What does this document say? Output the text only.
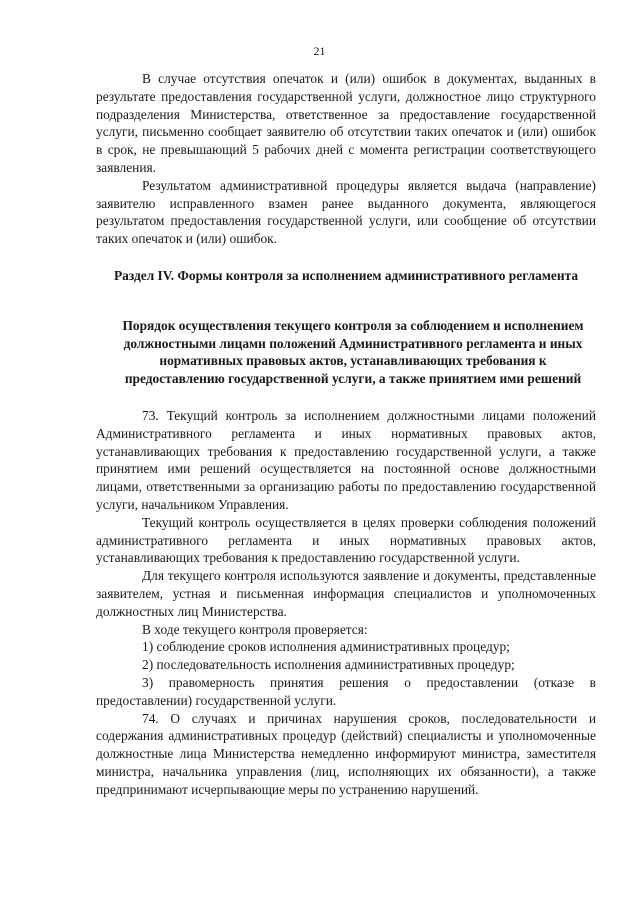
21

В случае отсутствия опечаток и (или) ошибок в документах, выданных в результате предоставления государственной услуги, должностное лицо структурного подразделения Министерства, ответственное за предоставление государственной услуги, письменно сообщает заявителю об отсутствии таких опечаток и (или) ошибок в срок, не превышающий 5 рабочих дней с момента регистрации соответствующего заявления.

Результатом административной процедуры является выдача (направление) заявителю исправленного взамен ранее выданного документа, являющегося результатом предоставления государственной услуги, или сообщение об отсутствии таких опечаток и (или) ошибок.

Раздел IV. Формы контроля за исполнением административного регламента
Порядок осуществления текущего контроля за соблюдением и исполнением должностными лицами положений Административного регламента и иных нормативных правовых актов, устанавливающих требования к предоставлению государственной услуги, а также принятием ими решений

73. Текущий контроль за исполнением должностными лицами положений Административного регламента и иных нормативных правовых актов, устанавливающих требования к предоставлению государственной услуги, а также принятием ими решений осуществляется на постоянной основе должностными лицами, ответственными за организацию работы по предоставлению государственной услуги, начальником Управления.

Текущий контроль осуществляется в целях проверки соблюдения положений административного регламента и иных нормативных правовых актов, устанавливающих требования к предоставлению государственной услуги.

Для текущего контроля используются заявление и документы, представленные заявителем, устная и письменная информация специалистов и уполномоченных должностных лиц Министерства.

В ходе текущего контроля проверяется:

1) соблюдение сроков исполнения административных процедур;

2) последовательность исполнения административных процедур;

3) правомерность принятия решения о предоставлении (отказе в предоставлении) государственной услуги.

74. О случаях и причинах нарушения сроков, последовательности и содержания административных процедур (действий) специалисты и уполномоченные должностные лица Министерства немедленно информируют министра, заместителя министра, начальника управления (лиц, исполняющих их обязанности), а также предпринимают исчерпывающие меры по устранению нарушений.
